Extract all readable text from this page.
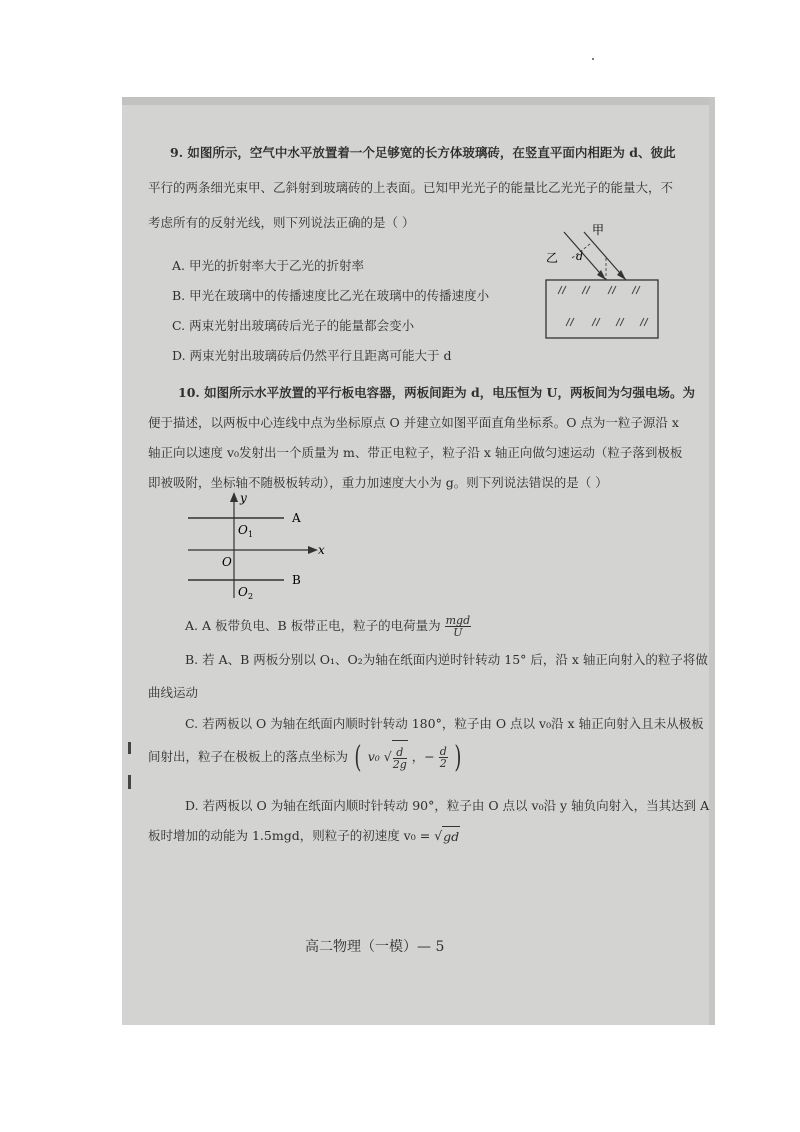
9. 如图所示，空气中水平放置着一个足够宽的长方体玻璃砖，在竖直平面内相距为 d、彼此
平行的两条细光束甲、乙斜射到玻璃砖的上表面。已知甲光光子的能量比乙光光子的能量大，不
考虑所有的反射光线，则下列说法正确的是（ ）
A. 甲光的折射率大于乙光的折射率
B. 甲光在玻璃中的传播速度比乙光在玻璃中的传播速度小
C. 两束光射出玻璃砖后光子的能量都会变小
D. 两束光射出玻璃砖后仍然平行且距离可能大于 d
甲
乙 d
10. 如图所示水平放置的平行板电容器，两板间距为 d，电压恒为 U，两板间为匀强电场。为
便于描述，以两板中心连线中点为坐标原点 O 并建立如图平面直角坐标系。O 点为一粒子源沿 x
轴正向以速度 v₀发射出一个质量为 m、带正电粒子，粒子沿 x 轴正向做匀速运动（粒子落到极板
即被吸附，坐标轴不随极板转动），重力加速度大小为 g。则下列说法错误的是（ ）
y
x
O
O 1
O 2
A
B
A. A 板带负电、B 板带正电，粒子的电荷量为 $\frac{\text{mgd}}{U}$
B. 若 A、B 两板分别以 O₁、O₂为轴在纸面内逆时针转动 15° 后，沿 x 轴正向射入的粒子将做
曲线运动
C. 若两板以 O 为轴在纸面内顺时针转动 180°，粒子由 O 点以 v₀沿 x 轴正向射入且未从极板
间射出，粒子在极板上的落点坐标为 ( v₀ √ $\frac{d}{2g}$ ，− $\frac{d}{2}$ )
D. 若两板以 O 为轴在纸面内顺时针转动 90°，粒子由 O 点以 v₀沿 y 轴负向射入，当其达到 A
板时增加的动能为 1.5mgd，则粒子的初速度 v₀ = √gd
高二物理（一模）— 5
